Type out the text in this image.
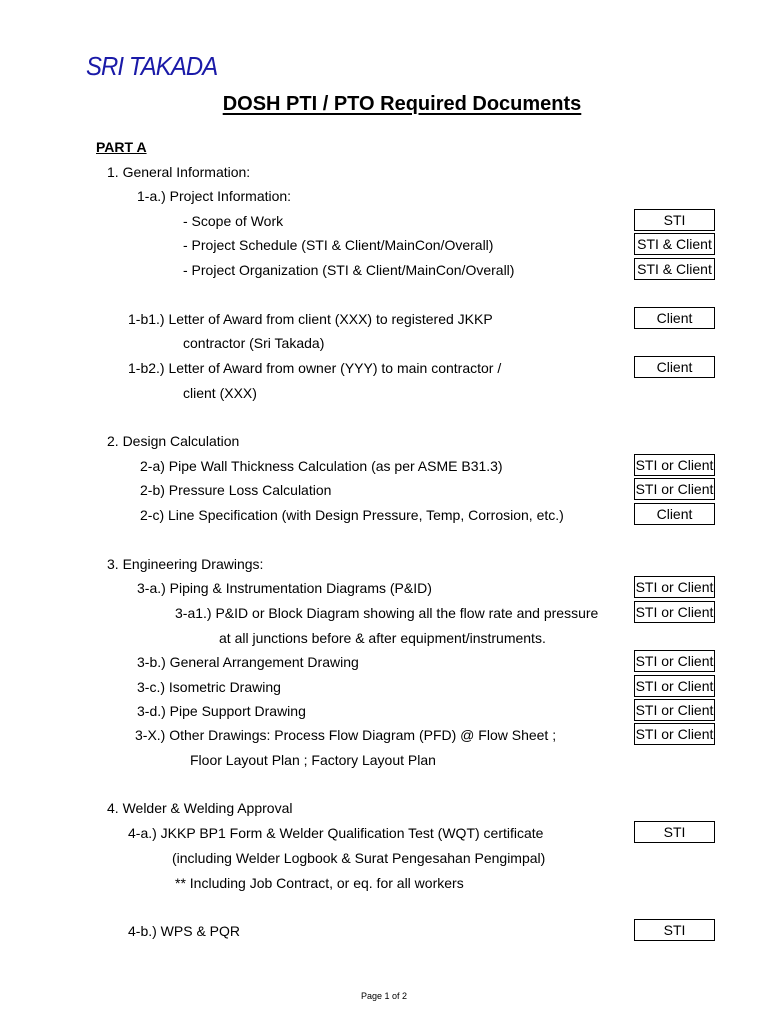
SRI TAKADA
DOSH PTI / PTO Required Documents
PART A
1. General Information:
1-a.) Project Information:
- Scope of Work	STI
- Project Schedule (STI & Client/MainCon/Overall)	STI & Client
- Project Organization (STI & Client/MainCon/Overall)	STI & Client
1-b1.) Letter of Award from client (XXX) to registered JKKP	Client
contractor (Sri Takada)
1-b2.) Letter of Award from owner (YYY) to main contractor /	Client
client (XXX)
2. Design Calculation
2-a) Pipe Wall Thickness Calculation (as per ASME B31.3)	STI or Client
2-b) Pressure Loss Calculation	STI or Client
2-c) Line Specification (with Design Pressure, Temp, Corrosion, etc.)	Client
3. Engineering Drawings:
3-a.) Piping & Instrumentation Diagrams (P&ID)	STI or Client
3-a1.) P&ID or Block Diagram showing all the flow rate and pressure	STI or Client
at all junctions before & after equipment/instruments.
3-b.) General Arrangement Drawing	STI or Client
3-c.) Isometric Drawing	STI or Client
3-d.) Pipe Support Drawing	STI or Client
3-X.) Other Drawings: Process Flow Diagram (PFD) @ Flow Sheet ;	STI or Client
Floor Layout Plan ; Factory Layout Plan
4. Welder & Welding Approval
4-a.) JKKP BP1 Form & Welder Qualification Test (WQT) certificate	STI
(including Welder Logbook & Surat Pengesahan Pengimpal)
** Including Job Contract, or eq. for all workers
4-b.) WPS & PQR	STI
Page 1 of 2
